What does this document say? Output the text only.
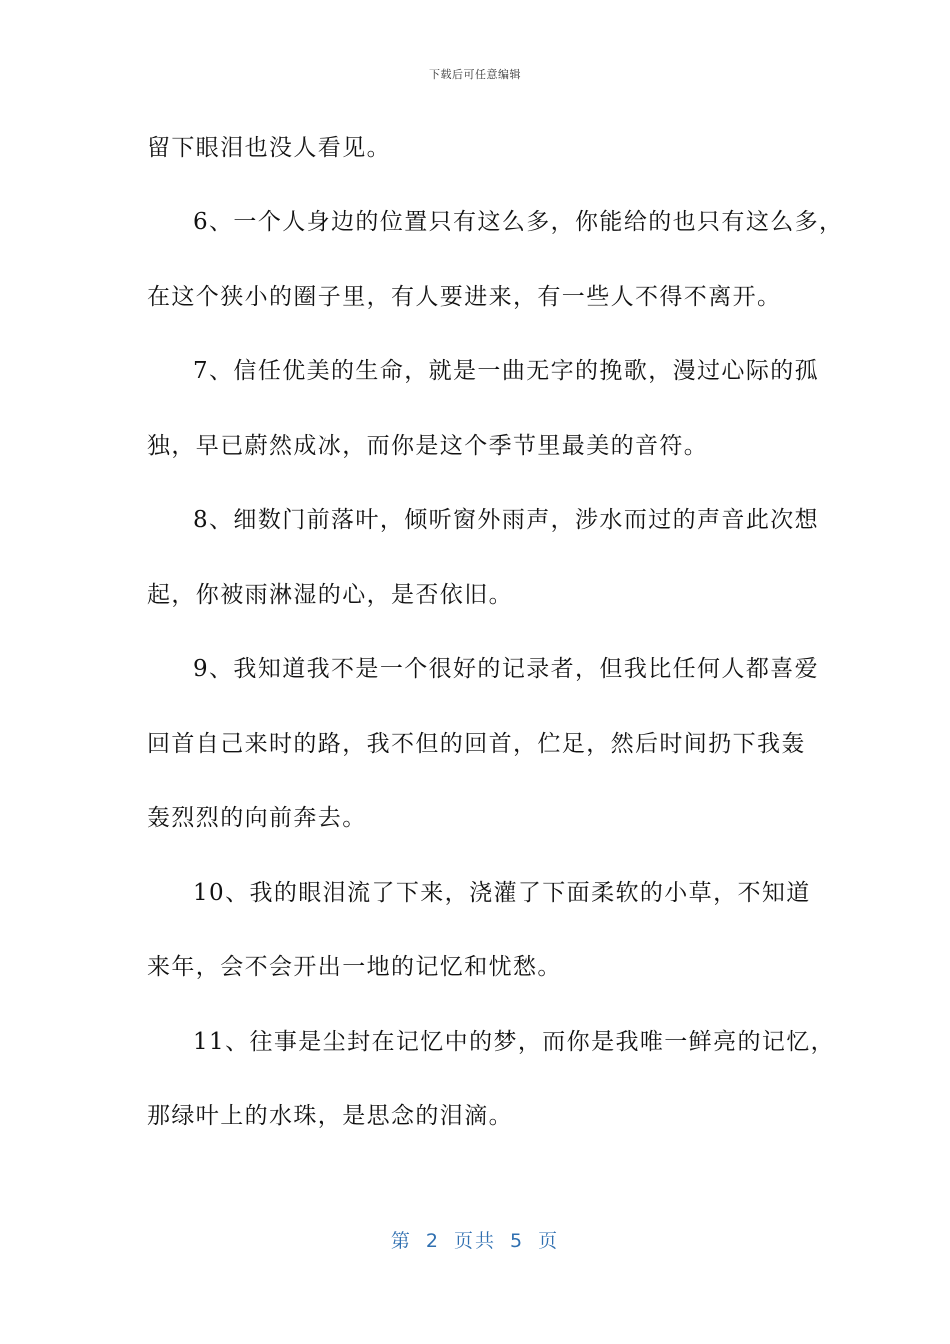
下载后可任意编辑
留下眼泪也没人看见。
6、一个人身边的位置只有这么多，你能给的也只有这么多，
在这个狭小的圈子里，有人要进来，有一些人不得不离开。
7、信任优美的生命，就是一曲无字的挽歌，漫过心际的孤
独，早已蔚然成冰，而你是这个季节里最美的音符。
8、细数门前落叶，倾听窗外雨声，涉水而过的声音此次想
起，你被雨淋湿的心，是否依旧。
9、我知道我不是一个很好的记录者，但我比任何人都喜爱
回首自己来时的路，我不但的回首，伫足，然后时间扔下我轰
轰烈烈的向前奔去。
10、我的眼泪流了下来，浇灌了下面柔软的小草，不知道
来年，会不会开出一地的记忆和忧愁。
11、往事是尘封在记忆中的梦，而你是我唯一鲜亮的记忆，
那绿叶上的水珠，是思念的泪滴。
第 2 页共 5 页
